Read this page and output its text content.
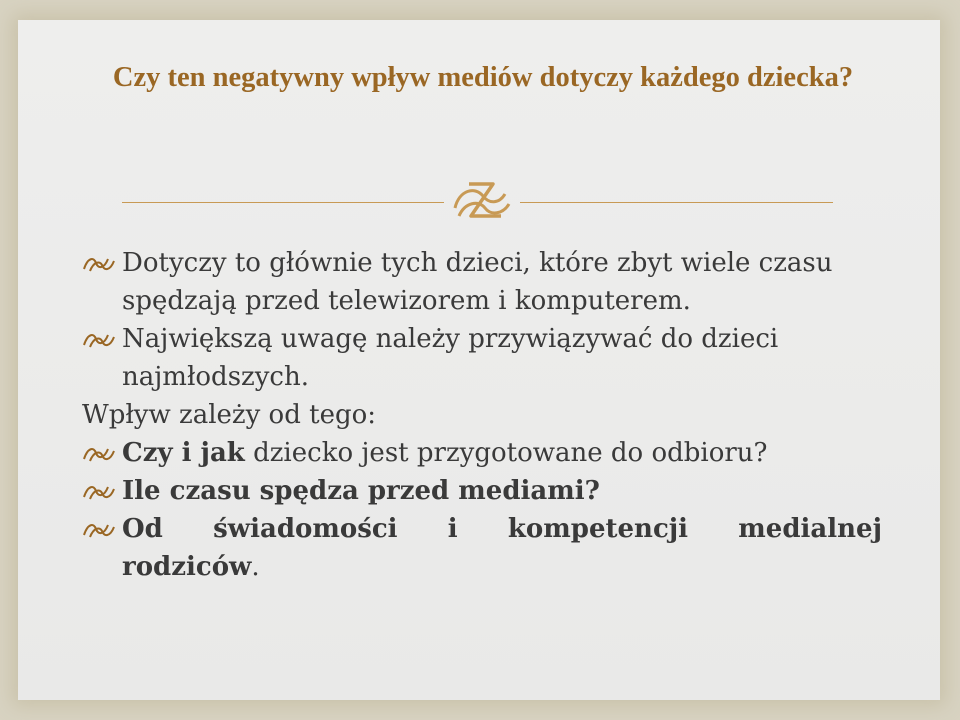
Czy ten negatywny wpływ mediów dotyczy każdego dziecka?
Dotyczy to głównie tych dzieci, które zbyt wiele czasu spędzają przed telewizorem i komputerem.
Największą uwagę należy przywiązywać do dzieci najmłodszych.
Wpływ zależy od tego:
Czy i jak dziecko jest przygotowane do odbioru?
Ile czasu spędza przed mediami?
Od świadomości i kompetencji medialnej
rodziców.
